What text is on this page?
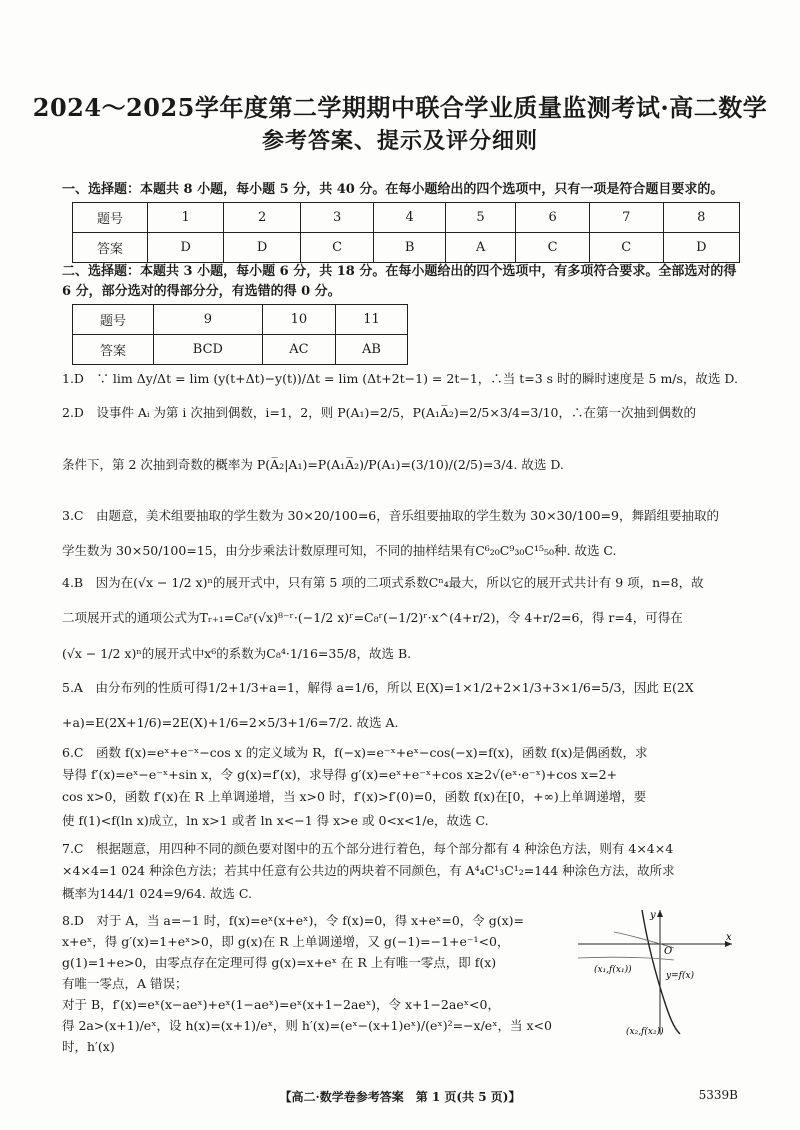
2024～2025学年度第二学期期中联合学业质量监测考试·高二数学
参考答案、提示及评分细则
一、选择题：本题共 8 小题，每小题 5 分，共 40 分。在每小题给出的四个选项中，只有一项是符合题目要求的。
题号	1	2	3	4	5	6	7	8
答案	D	D	C	B	A	C	C	D
二、选择题：本题共 3 小题，每小题 6 分，共 18 分。在每小题给出的四个选项中，有多项符合要求。全部选对的得 6 分，部分选对的得部分分，有选错的得 0 分。
题号	9	10	11
答案	BCD	AC	AB
1.D　∵ lim Δy/Δt = lim (y(t+Δt)−y(t))/Δt = lim (Δt+2t−1) = 2t−1，∴当 t=3 s 时的瞬时速度是 5 m/s，故选 D.
2.D　设事件 Aᵢ 为第 i 次抽到偶数，i=1，2，则 P(A₁)=2/5，P(A₁A̅₂)=2/5×3/4=3/10，∴在第一次抽到偶数的
条件下，第 2 次抽到奇数的概率为 P(A̅₂|A₁)=P(A₁A̅₂)/P(A₁)=(3/10)/(2/5)=3/4. 故选 D.
3.C　由题意，美术组要抽取的学生数为 30×20/100=6，音乐组要抽取的学生数为 30×30/100=9，舞蹈组要抽取的
学生数为 30×50/100=15，由分步乘法计数原理可知，不同的抽样结果有C⁶₂₀C⁹₃₀C¹⁵₅₀种. 故选 C.
4.B　因为在(√x − 1/2 x)ⁿ的展开式中，只有第 5 项的二项式系数Cⁿ₄最大，所以它的展开式共计有 9 项，n=8，故
二项展开式的通项公式为Tᵣ₊₁=C₈ʳ(√x)⁸⁻ʳ·(−1/2 x)ʳ=C₈ʳ(−1/2)ʳ·x^(4+r/2)，令 4+r/2=6，得 r=4，可得在
(√x − 1/2 x)ⁿ的展开式中x⁶的系数为C₈⁴·1/16=35/8，故选 B.
5.A　由分布列的性质可得1/2+1/3+a=1，解得 a=1/6，所以 E(X)=1×1/2+2×1/3+3×1/6=5/3，因此 E(2X
+a)=E(2X+1/6)=2E(X)+1/6=2×5/3+1/6=7/2. 故选 A.
6.C　函数 f(x)=eˣ+e⁻ˣ−cos x 的定义域为 R，f(−x)=e⁻ˣ+eˣ−cos(−x)=f(x)，函数 f(x)是偶函数，求
导得 f′(x)=eˣ−e⁻ˣ+sin x，令 g(x)=f′(x)，求导得 g′(x)=eˣ+e⁻ˣ+cos x≥2√(eˣ·e⁻ˣ)+cos x=2+
cos x>0，函数 f′(x)在 R 上单调递增，当 x>0 时，f′(x)>f′(0)=0，函数 f(x)在[0，+∞)上单调递增，要
使 f(1)<f(ln x)成立，ln x>1 或者 ln x<−1 得 x>e 或 0<x<1/e，故选 C.
7.C　根据题意，用四种不同的颜色要对图中的五个部分进行着色，每个部分都有 4 种涂色方法，则有 4×4×4
×4×4=1 024 种涂色方法；若其中任意有公共边的两块着不同颜色，有 A⁴₄C¹₃C¹₂=144 种涂色方法，故所求
概率为144/1 024=9/64. 故选 C.
8.D　对于 A，当 a=−1 时，f(x)=eˣ(x+eˣ)，令 f(x)=0，得 x+eˣ=0，令 g(x)=
x+eˣ，得 g′(x)=1+eˣ>0，即 g(x)在 R 上单调递增，又 g(−1)=−1+e⁻¹<0，
g(1)=1+e>0，由零点存在定理可得 g(x)=x+eˣ 在 R 上有唯一零点，即 f(x)
有唯一零点，A 错误；
对于 B，f′(x)=eˣ(x−aeˣ)+eˣ(1−aeˣ)=eˣ(x+1−2aeˣ)，令 x+1−2aeˣ<0，
得 2a>(x+1)/eˣ，设 h(x)=(x+1)/eˣ，则 h′(x)=(eˣ−(x+1)eˣ)/(eˣ)²=−x/eˣ，当 x<0 时，h′(x)
x
y
O
(x₁,f(x₁))
y=f(x)
(x₂,f(x₂))
【高二·数学卷参考答案　第 1 页(共 5 页)】	5339B
